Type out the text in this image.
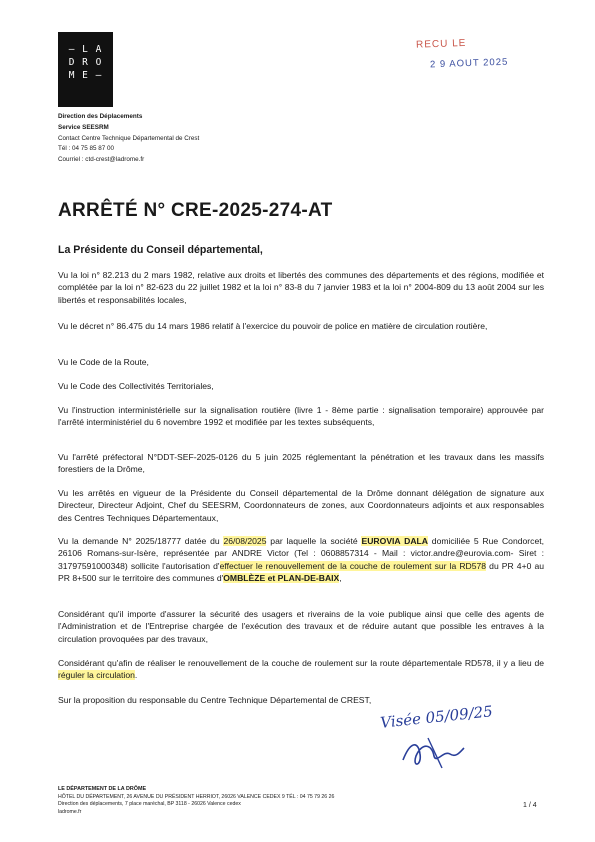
— L A
D R O
M E —
RECU LE
2 9 AOUT 2025
Direction des Déplacements
Service SEESRM
Contact Centre Technique Départemental de Crest
Tél : 04 75 85 87 00
Courriel : ctd-crest@ladrome.fr
ARRÊTÉ N° CRE-2025-274-AT
La Présidente du Conseil départemental,

Vu la loi n° 82.213 du 2 mars 1982, relative aux droits et libertés des communes des départements et des régions, modifiée et complétée par la loi n° 82-623 du 22 juillet 1982 et la loi n° 83-8 du 7 janvier 1983 et la loi n° 2004-809 du 13 août 2004 sur les libertés et responsabilités locales,

Vu le décret n° 86.475 du 14 mars 1986 relatif à l'exercice du pouvoir de police en matière de circulation routière,

Vu le Code de la Route,

Vu le Code des Collectivités Territoriales,

Vu l'instruction interministérielle sur la signalisation routière (livre 1 - 8ème partie : signalisation temporaire) approuvée par l'arrêté interministériel du 6 novembre 1992 et modifiée par les textes subséquents,

Vu l'arrêté préfectoral N°DDT-SEF-2025-0126 du 5 juin 2025 réglementant la pénétration et les travaux dans les massifs forestiers de la Drôme,

Vu les arrêtés en vigueur de la Présidente du Conseil départemental de la Drôme donnant délégation de signature aux Directeur, Directeur Adjoint, Chef du SEESRM, Coordonnateurs de zones, aux Coordonnateurs adjoints et aux responsables des Centres Techniques Départementaux,

Vu la demande N° 2025/18777 datée du 26/08/2025 par laquelle la société EUROVIA DALA domiciliée 5 Rue Condorcet, 26106 Romans-sur-Isère, représentée par ANDRE Victor (Tel : 0608857314 - Mail : victor.andre@eurovia.com- Siret : 31797591000348) sollicite l'autorisation d'effectuer le renouvellement de la couche de roulement sur la RD578 du PR 4+0 au PR 8+500 sur le territoire des communes d'OMBLÈZE et PLAN-DE-BAIX,

Considérant qu'il importe d'assurer la sécurité des usagers et riverains de la voie publique ainsi que celle des agents de l'Administration et de l'Entreprise chargée de l'exécution des travaux et de réduire autant que possible les entraves à la circulation provoquées par des travaux,

Considérant qu'afin de réaliser le renouvellement de la couche de roulement sur la route départementale RD578, il y a lieu de réguler la circulation.

Sur la proposition du responsable du Centre Technique Départemental de CREST,

Visée 05/09/25
LE DÉPARTEMENT DE LA DRÔME
HÔTEL DU DÉPARTEMENT, 26 AVENUE DU PRÉSIDENT HERRIOT, 26026 VALENCE CEDEX 9 TÉL : 04 75 79 26 26
Direction des déplacements, 7 place maréchal, BP 3118 - 26026 Valence cedex
ladrome.fr
1 / 4
